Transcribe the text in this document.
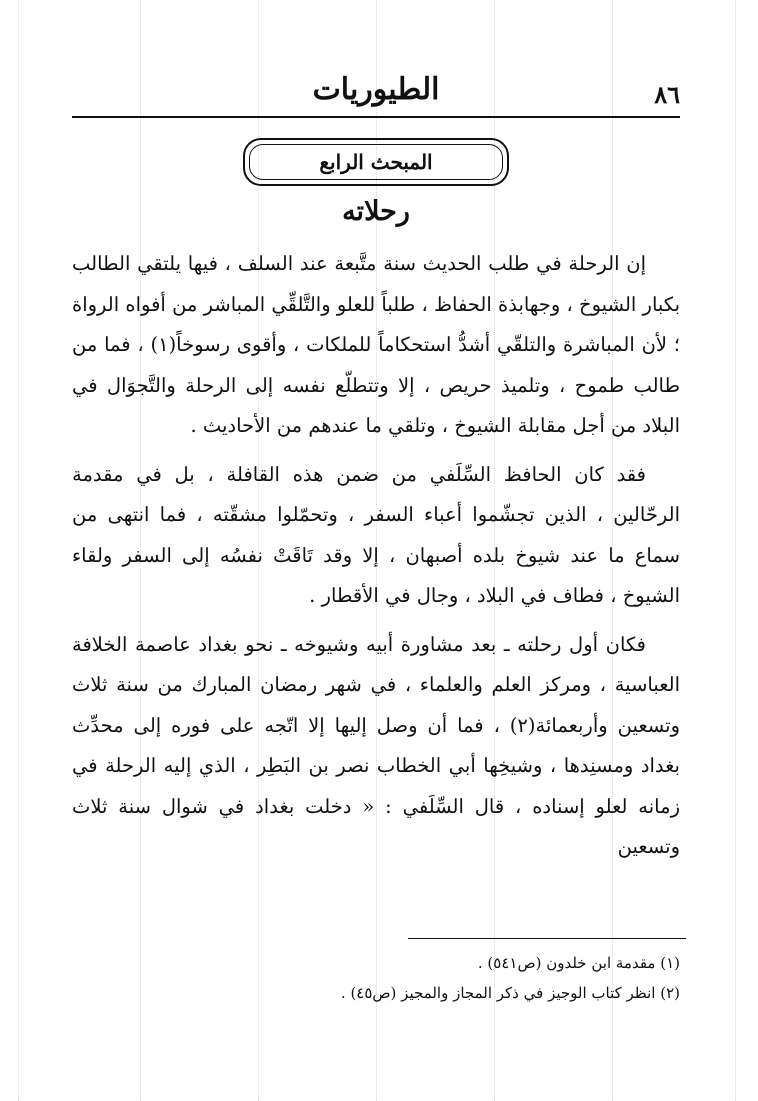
الطيوريات	٨٦
المبحث الرابع
رحلاته

إن الرحلة في طلب الحديث سنة متَّبعة عند السلف ، فيها يلتقي الطالب بكبار الشيوخ ، وجهابذة الحفاظ ، طلباً للعلو والتَّلقِّي المباشر من أفواه الرواة ؛ لأن المباشرة والتلقّي أشدُّ استحكاماً للملكات ، وأقوى رسوخاً(١) ، فما من طالب طموح ، وتلميذ حريص ، إلا وتتطلّع نفسه إلى الرحلة والتَّجوَال في البلاد من أجل مقابلة الشيوخ ، وتلقي ما عندهم من الأحاديث .

فقد كان الحافظ السِّلَفي من ضمن هذه القافلة ، بل في مقدمة الرحّالين ، الذين تجشّموا أعباء السفر ، وتحمّلوا مشقّته ، فما انتهى من سماع ما عند شيوخ بلده أصبهان ، إلا وقد تَاقَتْ نفسُه إلى السفر ولقاء الشيوخ ، فطاف في البلاد ، وجال في الأقطار .

فكان أول رحلته ـ بعد مشاورة أبيه وشيوخه ـ نحو بغداد عاصمة الخلافة العباسية ، ومركز العلم والعلماء ، في شهر رمضان المبارك من سنة ثلاث وتسعين وأربعمائة(٢) ، فما أن وصل إليها إلا اتّجه على فوره إلى محدِّث بغداد ومسنِدها ، وشيخِها أبي الخطاب نصر بن البَطِر ، الذي إليه الرحلة في زمانه لعلو إسناده ، قال السِّلَفي : « دخلت بغداد في شوال سنة ثلاث وتسعين

(١) مقدمة ابن خلدون (ص٥٤١) .
(٢) انظر كتاب الوجيز في ذكر المجاز والمجيز (ص٤٥) .
